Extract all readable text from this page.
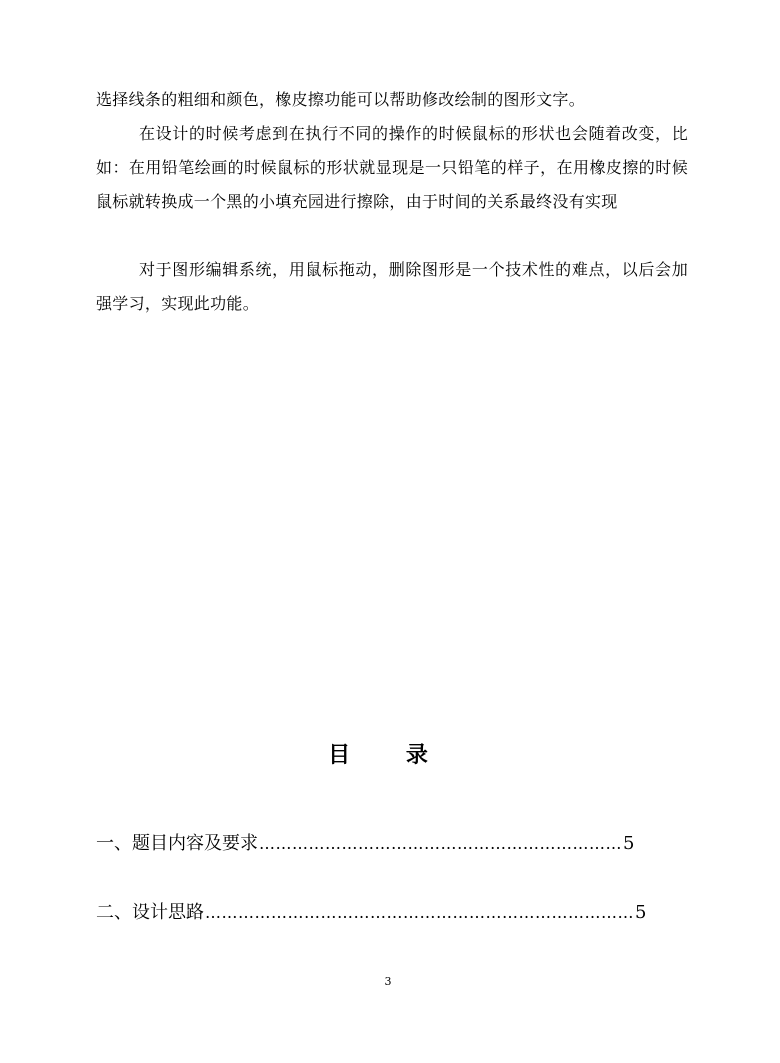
选择线条的粗细和颜色，橡皮擦功能可以帮助修改绘制的图形文字。

在设计的时候考虑到在执行不同的操作的时候鼠标的形状也会随着改变，比如：在用铅笔绘画的时候鼠标的形状就显现是一只铅笔的样子，在用橡皮擦的时候鼠标就转换成一个黑的小填充园进行擦除，由于时间的关系最终没有实现

对于图形编辑系统，用鼠标拖动，删除图形是一个技术性的难点，以后会加强学习，实现此功能。

目 录
一 、 题目内容及要求 ………………………………………………………… 5
二 、 设计思路 …………………………………………………………………… 5
3
